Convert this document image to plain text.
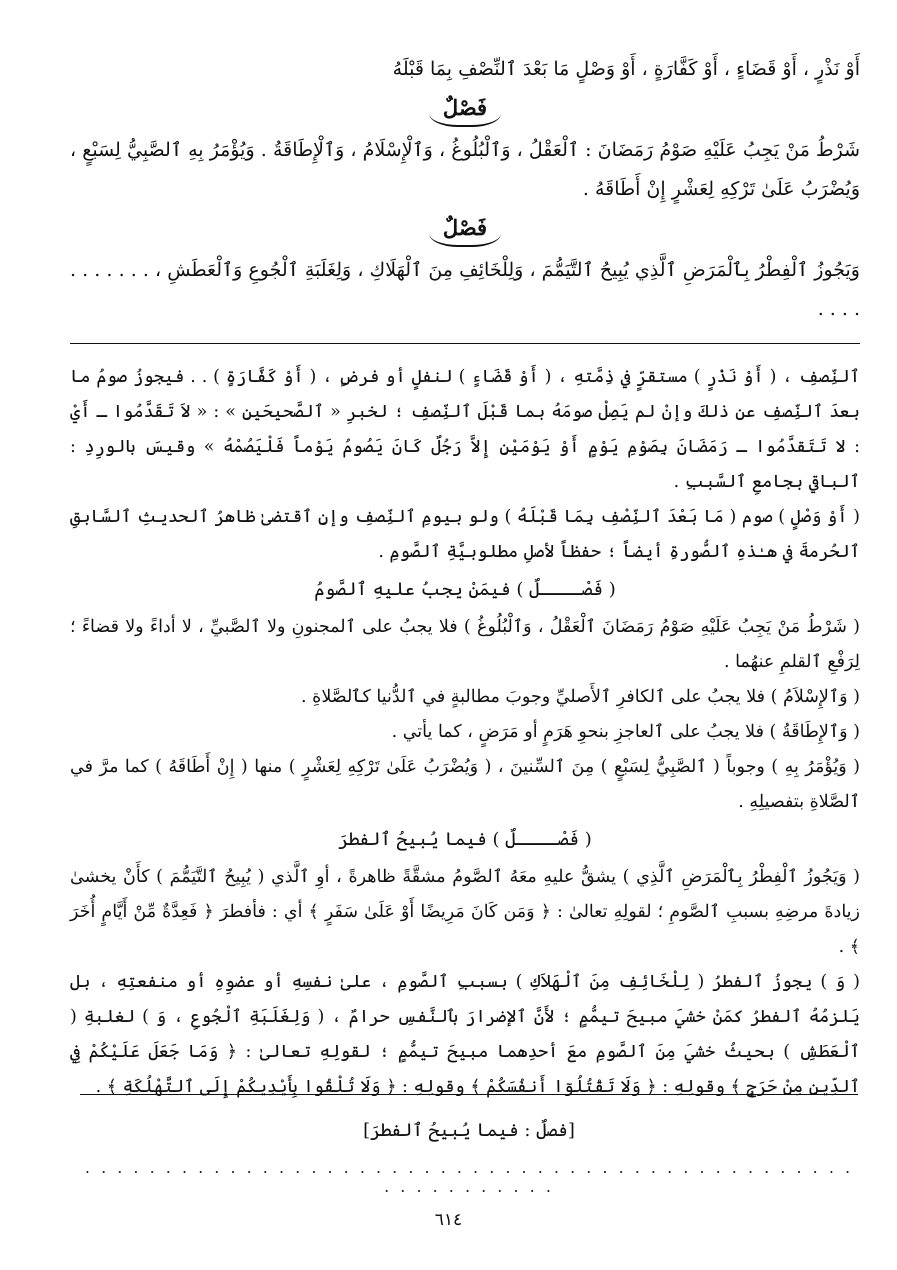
أَوْ نَذْرٍ ، أَوْ قَضَاءٍ ، أَوْ كَفَّارَةٍ ، أَوْ وَصْلٍ مَا بَعْدَ ٱلنِّصْفِ بِمَا قَبْلَهُ

فَصْلٌ

شَرْطُ مَنْ يَجِبُ عَلَيْهِ صَوْمُ رَمَضَانَ : ٱلْعَقْلُ ، وَٱلْبُلُوغُ ، وَٱلْإِسْلَامُ ، وَٱلْإِطَاقَةُ . وَيُؤْمَرُ بِهِ ٱلصَّبِيُّ لِسَبْعٍ ، وَيُضْرَبُ عَلَىٰ تَرْكِهِ لِعَشْرٍ إِنْ أَطَاقَهُ .

فَصْلٌ

وَيَجُوزُ ٱلْفِطْرُ بِٱلْمَرَضِ ٱلَّذِي يُبِيحُ ٱلتَّيَمُّمَ ، وَلِلْخَائِفِ مِنَ ٱلْهَلَاكِ ، وَلِغَلَبَةِ ٱلْجُوعِ وَٱلْعَطَشِ ، . . . . . . . . . . .

ٱلنِّصفِ ، ( أَوْ نَذْرٍ ) مستقرٍّ في ذِمَّتهِ ، ( أَوْ قَضَاءٍ ) لنفلٍ أو فرضٍ ، ( أَوْ كَفَّارَةٍ ) . . فيجوزُ صومُ ما بعدَ ٱلنِّصفِ عن ذلكَ وإنْ لم يَصِلْ صومَهُ بما قَبْلَ ٱلنِّصفِ ؛ لخبرِ « ٱلصَّحيحَينِ » : « لاَ تَقَدَّمُوا ـ أَيْ : لا تَتَقدَّمُوا ـ رَمَضَانَ بِصَوْمِ يَوْمٍ أَوْ يَوْمَيْنِ إِلاَّ رَجُلٌ كَانَ يَصُومُ يَوْماً فَلْيَصُمْهُ » وقيسَ بالورِدِ : ٱلباقي بجامعِ ٱلسَّببِ .

( أَوْ وَصْلٍ ) صوم ( مَا بَعْدَ ٱلنِّصْفِ بِمَا قَبْلَهُ ) ولو بيومِ ٱلنِّصفِ وإنِ ٱقتضىٰ ظاهرُ ٱلحديثِ ٱلسَّابقِ ٱلحُرمةَ في هـٰذهِ ٱلصُّورةِ أيضاً ؛ حفظاً لأصلِ مطلوبيَّةِ ٱلصَّومِ .

( فَصْــــلٌ ) فيمَنْ يجبُ عليهِ ٱلصَّومُ

( شَرْطُ مَنْ يَجِبُ عَلَيْهِ صَوْمُ رَمَضَانَ ٱلْعَقْلُ ، وَٱلْبُلُوغُ ) فلا يجبُ على ٱلمجنونِ ولا ٱلصَّبيِّ ، لا أداءً ولا قضاءً ؛ لِرَفْعِ ٱلقلمِ عنهُما .

( وَٱلإِسْلاَمُ ) فلا يجبُ على ٱلكافرِ ٱلأَصليِّ وجوبَ مطالبةٍ في ٱلدُّنيا كٱلصَّلاةِ .

( وَٱلإِطَاقَةُ ) فلا يجبُ على ٱلعاجزِ بنحوِ هَرَمٍ أو مَرَضٍ ، كما يأتي .

( وَيُؤْمَرُ بِهِ ) وجوباً ( ٱلصَّبِيُّ لِسَبْعٍ ) مِنَ ٱلسِّنينَ ، ( وَيُضْرَبُ عَلَىٰ تَرْكِهِ لِعَشْرٍ ) منها ( إِنْ أَطَاقَهُ ) كما مرَّ في ٱلصَّلاةِ بتفصيلِهِ .

( فَصْــــلٌ ) فيما يُبيحُ ٱلفطرَ

( وَيَجُوزُ ٱلْفِطْرُ بِٱلْمَرَضِ ٱلَّذِي ) يشقُّ عليهِ معَهُ ٱلصَّومُ مشقَّةً ظاهرةً ، أوِ ٱلَّذي ( يُبِيحُ ٱلتَّيَمُّمَ ) كأَنْ يخشىٰ زيادةَ مرضِهِ بسببِ ٱلصَّومِ ؛ لقولِهِ تعالىٰ : ﴿ وَمَن كَانَ مَرِيضًا أَوْ عَلَىٰ سَفَرٍ ﴾ أي : فأفطرَ ﴿ فَعِدَّةٌ مِّنْ أَيَّامٍ أُخَرَ ﴾ .

( وَ ) يجوزُ ٱلفطرُ ( لِلْخَائِفِ مِنَ ٱلْهَلاَكِ ) بسببِ ٱلصَّومِ ، علىٰ نفسِهِ أو عضوِهِ أو منفعتِهِ ، بل يَلزمُهُ ٱلفطرُ كمَنْ خشيَ مبيحَ تيمُّمٍ ؛ لأَنَّ ٱلإضرارَ بٱلنَّفسِ حرامٌ ، ( وَلِغَلَبَةِ ٱلْجُوعِ ، وَ ) لغلبةِ ( ٱلْعَطَشِ ) بحيثُ خشيَ مِنَ ٱلصَّومِ معَ أحدِهما مبيحَ تيمُّمٍ ؛ لقولِهِ تعالىٰ : ﴿ وَمَا جَعَلَ عَلَيْكُمْ فِي ٱلدِّينِ مِنْ حَرَجٍ ﴾ وقولِهِ : ﴿ وَلَا تَقْتُلُوٓا أَنفُسَكُمْ ﴾ وقولِهِ : ﴿ وَلَا تُلْقُوا بِأَيْدِيكُمْ إِلَى ٱلتَّهْلُكَةِ ﴾ .

[فصلٌ : فيما يُبيحُ ٱلفطرَ]
. . . . . . . . . . . . . . . . . . . . . . . . . . . . . . . . . . . . . . . . . . . . . . . . . . . . . . . . . . .
٦١٤
